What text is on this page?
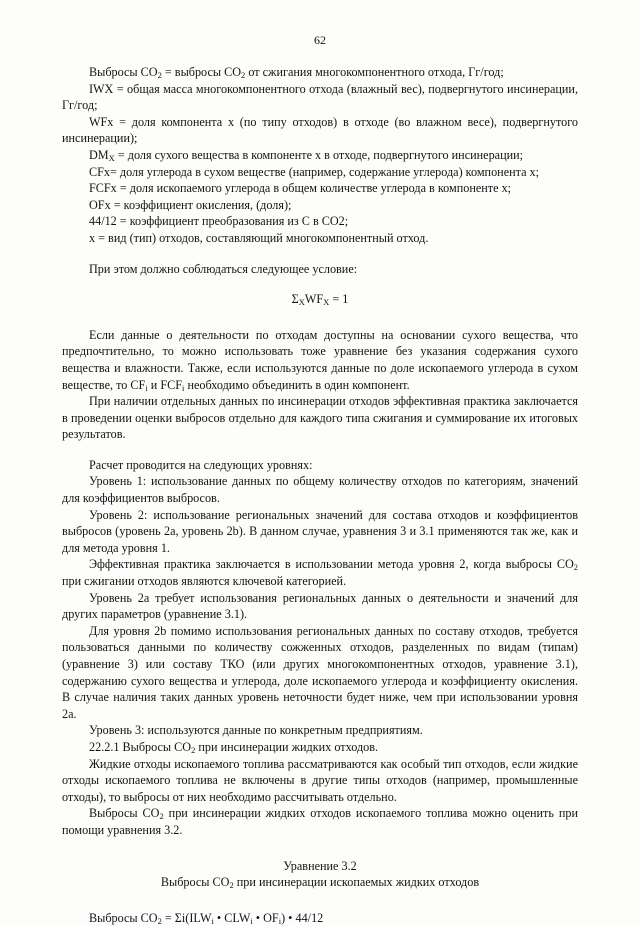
62

Выбросы $CO_2$ = выбросы $CO_2$ от сжигания многокомпонентного отхода, Гг/год;

IWX = общая масса многокомпонентного отхода (влажный вес), подвергнутого инсинерации, Гг/год;

WFx = доля компонента x (по типу отходов) в отходе (во влажном весе), подвергнутого инсинерации);

$DM_X$ = доля сухого вещества в компоненте x в отходе, подвергнутого инсинерации;

CFx= доля углерода в сухом веществе (например, содержание углерода) компонента x;

FCFx = доля ископаемого углерода в общем количестве углерода в компоненте x;

OFx = коэффициент окисления, (доля);

44/12 = коэффициент преобразования из С в CO2;

x = вид (тип) отходов, составляющий многокомпонентный отход.

При этом должно соблюдаться следующее условие:

$\Sigma_XWF_X = 1$

Если данные о деятельности по отходам доступны на основании сухого вещества, что предпочтительно, то можно использовать тоже уравнение без указания содержания сухого вещества и влажности. Также, если используются данные по доле ископаемого углерода в сухом веществе, то $CF_i$ и $FCF_i$ необходимо объединить в один компонент.

При наличии отдельных данных по инсинерации отходов эффективная практика заключается в проведении оценки выбросов отдельно для каждого типа сжигания и суммирование их итоговых результатов.

Расчет проводится на следующих уровнях:

Уровень 1: использование данных по общему количеству отходов по категориям, значений для коэффициентов выбросов.

Уровень 2: использование региональных значений для состава отходов и коэффициентов выбросов (уровень 2a, уровень 2b). В данном случае, уравнения 3 и 3.1 применяются так же, как и для метода уровня 1.

Эффективная практика заключается в использовании метода уровня 2, когда выбросы $CO_2$ при сжигании отходов являются ключевой категорией.

Уровень 2a требует использования региональных данных о деятельности и значений для других параметров (уравнение 3.1).

Для уровня 2b помимо использования региональных данных по составу отходов, требуется пользоваться данными по количеству сожженных отходов, разделенных по видам (типам) (уравнение 3) или составу ТКО (или других многокомпонентных отходов, уравнение 3.1), содержанию сухого вещества и углерода, доле ископаемого углерода и коэффициенту окисления. В случае наличия таких данных уровень неточности будет ниже, чем при использовании уровня 2a.

Уровень 3: используются данные по конкретным предприятиям.

22.2.1 Выбросы $CO_2$ при инсинерации жидких отходов.

Жидкие отходы ископаемого топлива рассматриваются как особый тип отходов, если жидкие отходы ископаемого топлива не включены в другие типы отходов (например, промышленные отходы), то выбросы от них необходимо рассчитывать отдельно.

Выбросы $CO_2$ при инсинерации жидких отходов ископаемого топлива можно оценить при помощи уравнения 3.2.

Уравнение 3.2

Выбросы $CO_2$ при инсинерации ископаемых жидких отходов

Выбросы $CO_2 = \Sigma i(ILW_i$ • $CLW_i$ • $OF_i$) • 44/12
